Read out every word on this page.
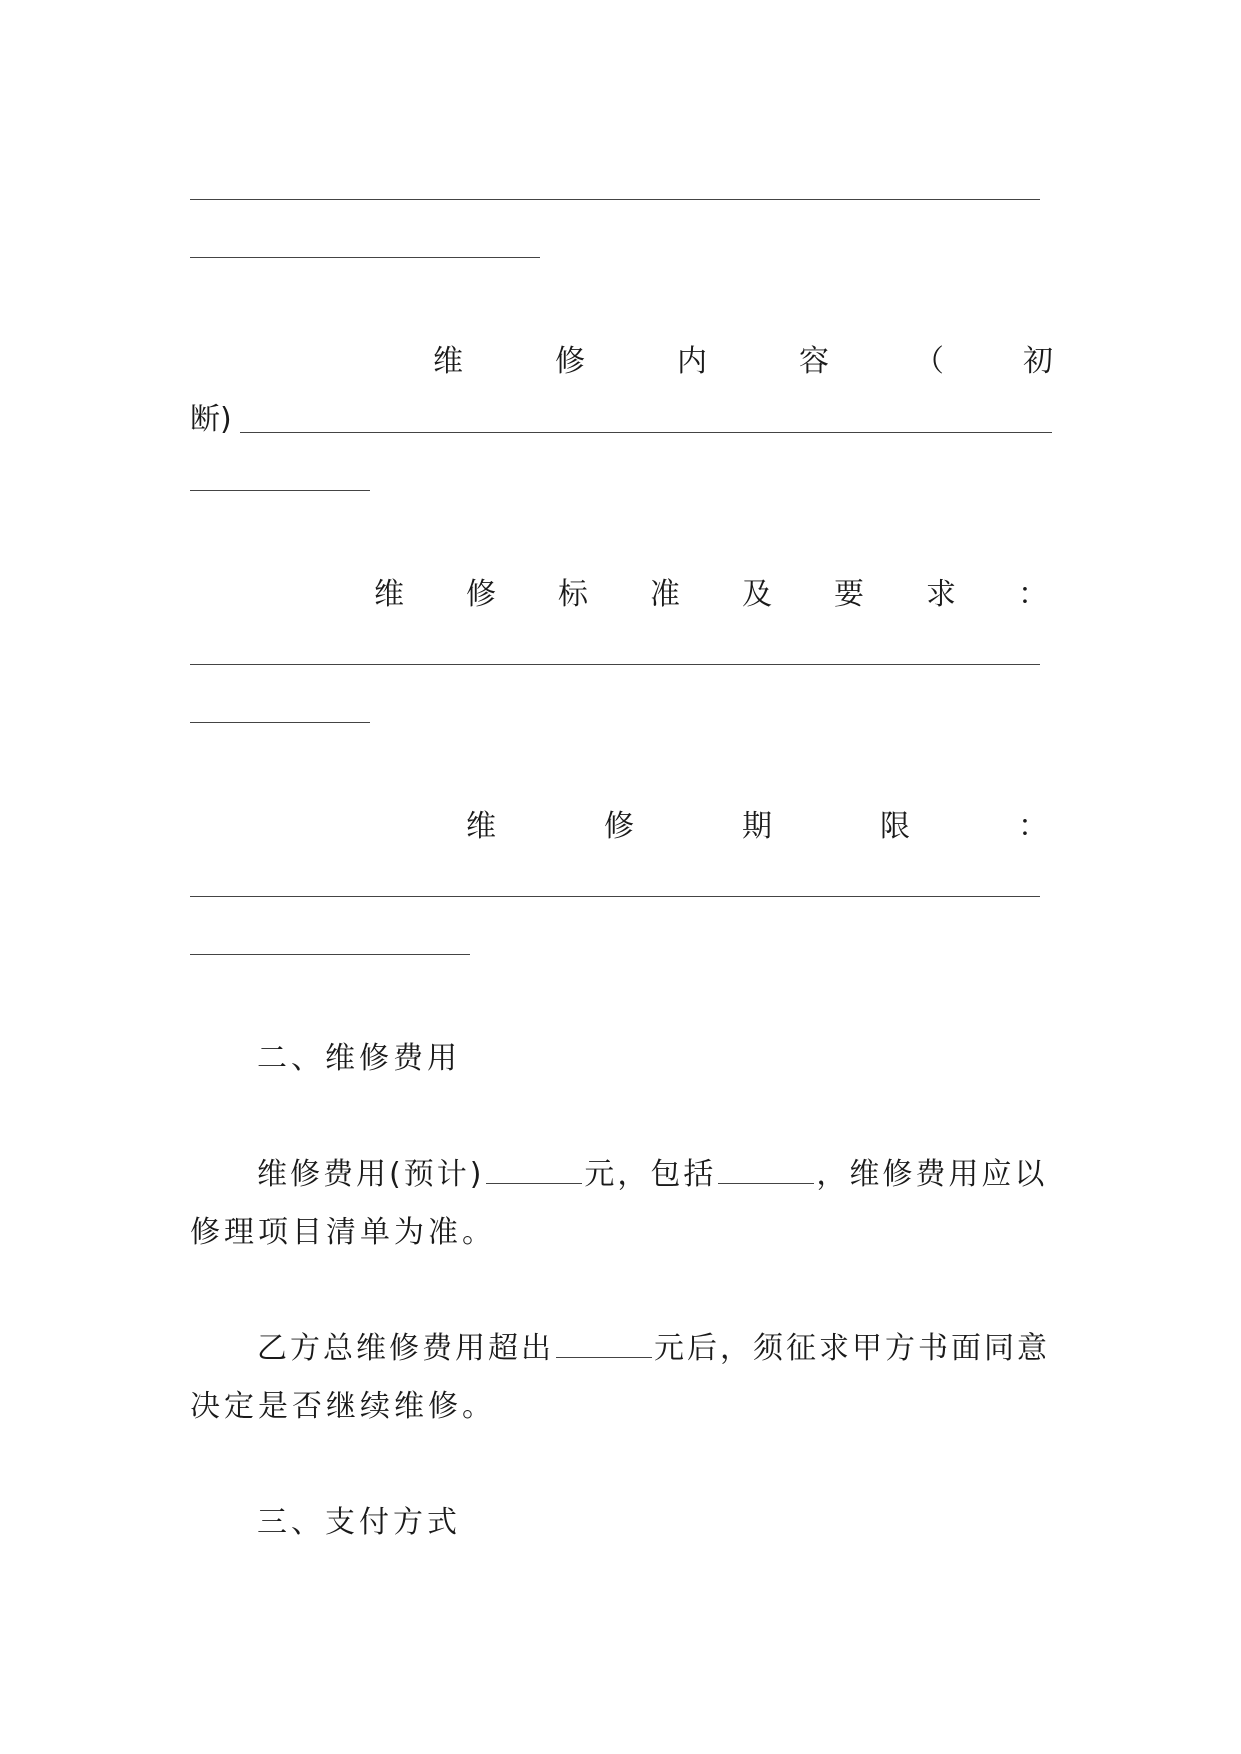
维	修	内	容	（	初
断)
维 修 标 准 及 要 求 ：
维	修	期	限	：
二、维修费用
维修费用(预计)	元，包括	，维修费用应以
修理项目清单为准。
乙方总维修费用超出	元后，须征求甲方书面同意
决定是否继续维修。
三、支付方式
